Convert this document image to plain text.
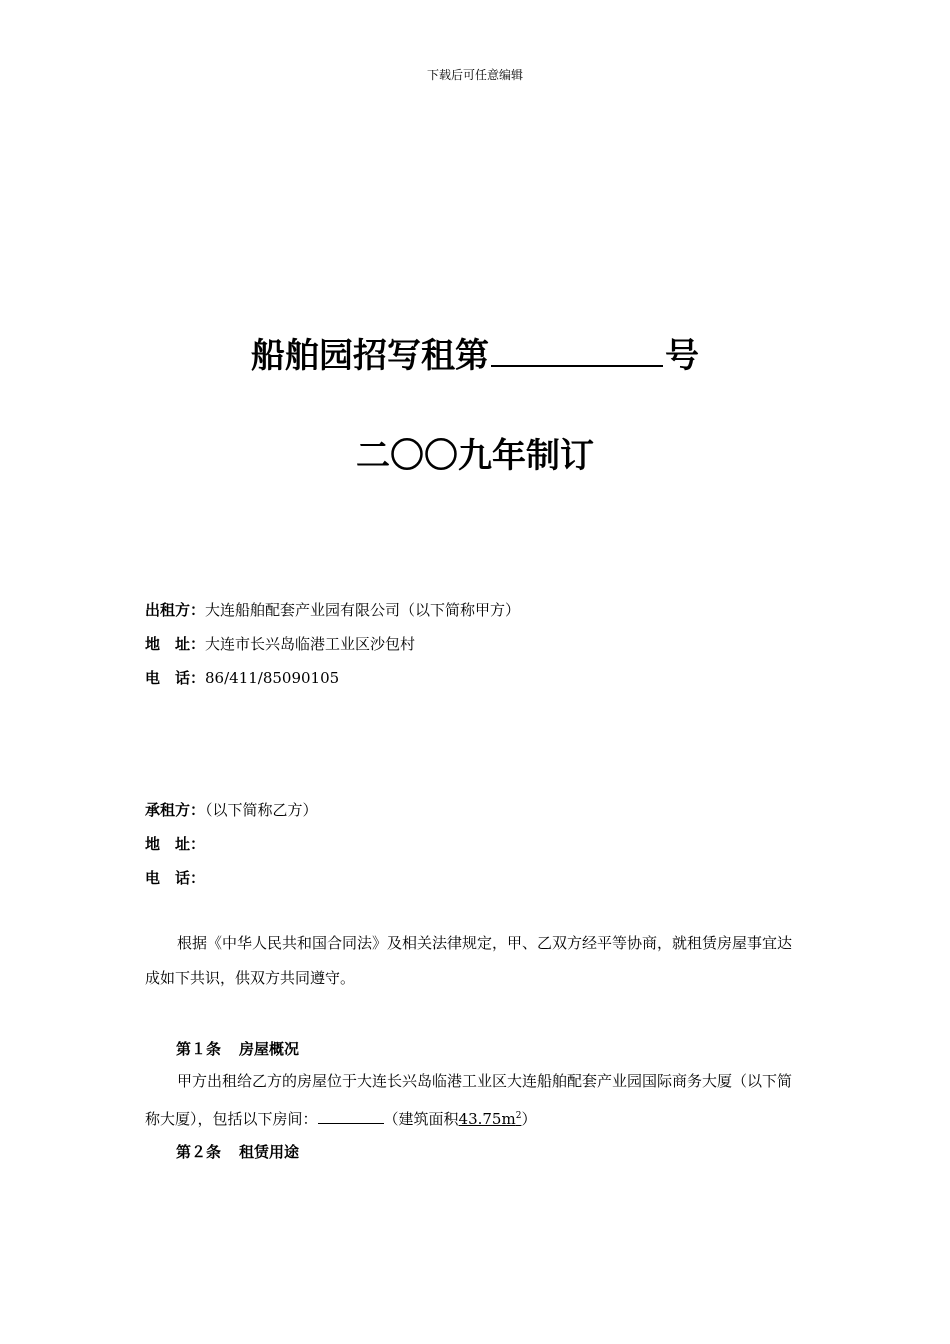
下载后可任意编辑
船舶园招写租第	号
二〇〇九年制订
出租方：大连船舶配套产业园有限公司（以下简称甲方）
地　址：大连市长兴岛临港工业区沙包村
电　话：86/411/85090105
承租方：（以下简称乙方）
地　址：
电　话：
根据《中华人民共和国合同法》及相关法律规定，甲、乙双方经平等协商，就租赁房屋事宜达成如下共识，供双方共同遵守。
第１条 房屋概况
甲方出租给乙方的房屋位于大连长兴岛临港工业区大连船舶配套产业园国际商务大厦（以下简称大厦），包括以下房间：	（建筑面积$43.75m^2$）
第２条 租赁用途
